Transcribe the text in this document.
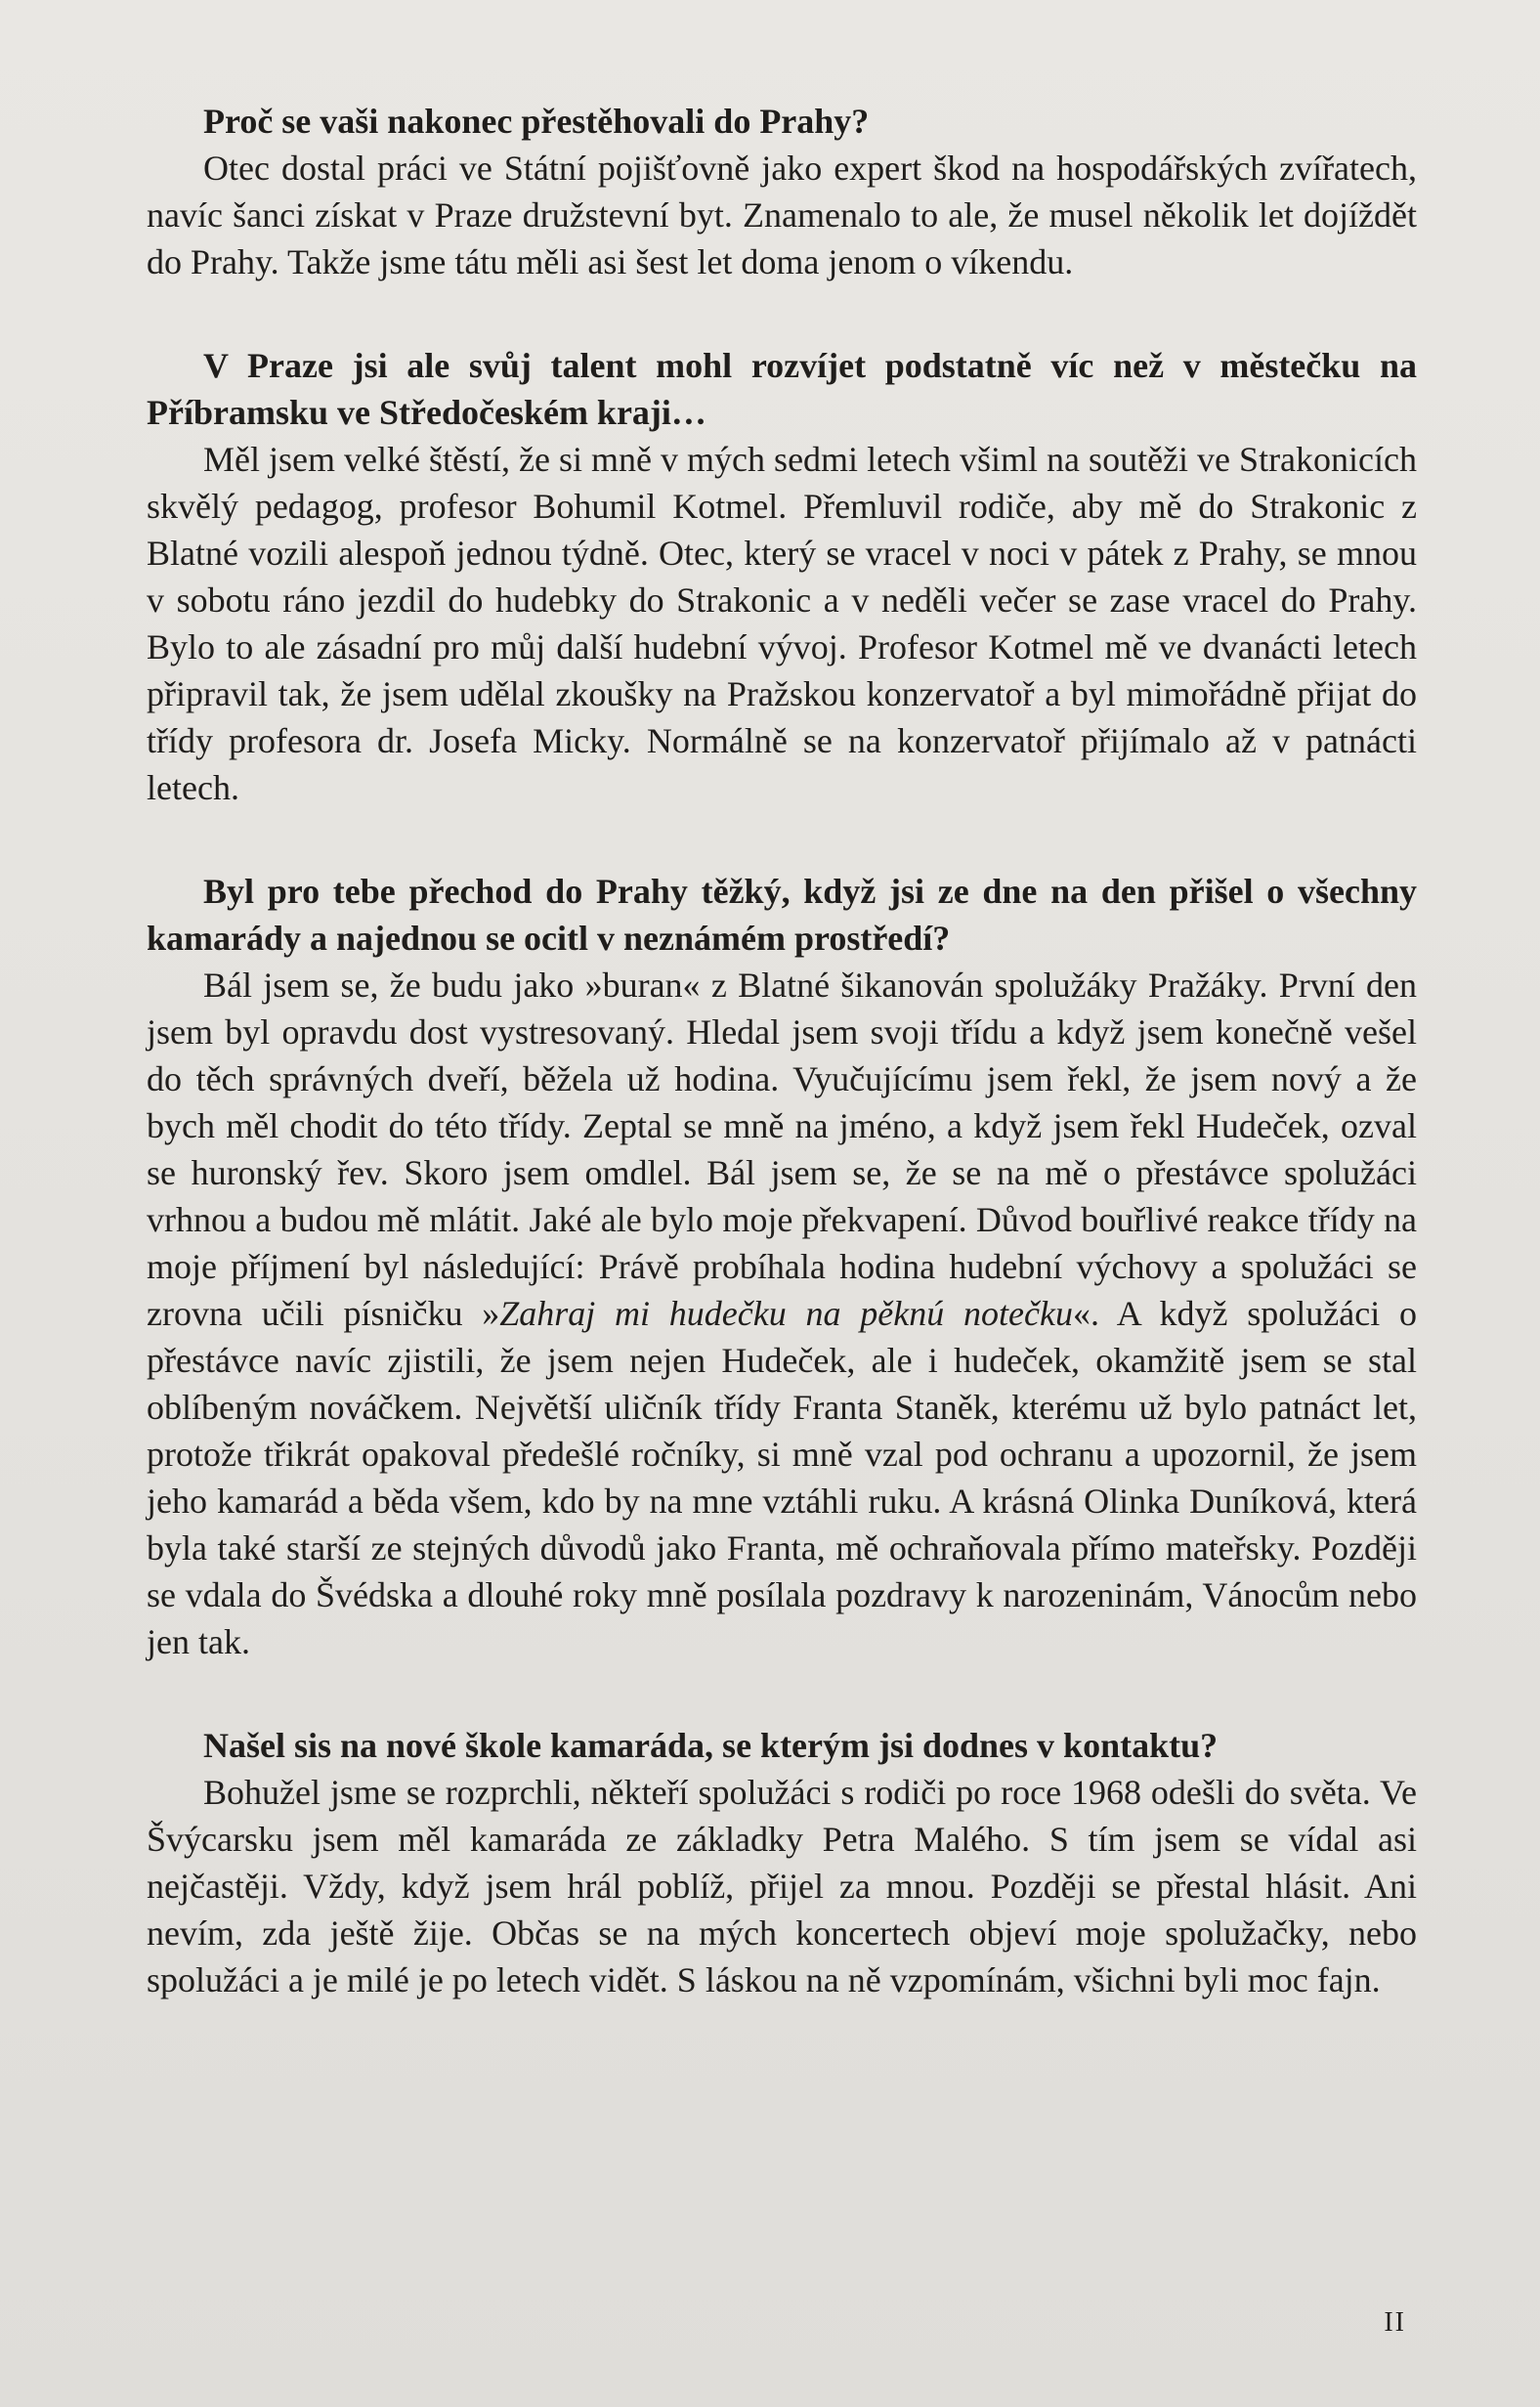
Proč se vaši nakonec přestěhovali do Prahy?

Otec dostal práci ve Státní pojišťovně jako expert škod na hospodářských zvířatech, navíc šanci získat v Praze družstevní byt. Znamenalo to ale, že musel několik let dojíždět do Prahy. Takže jsme tátu měli asi šest let doma jenom o víkendu.

V Praze jsi ale svůj talent mohl rozvíjet podstatně víc než v městečku na Příbramsku ve Středočeském kraji…

Měl jsem velké štěstí, že si mně v mých sedmi letech všiml na soutěži ve Strakonicích skvělý pedagog, profesor Bohumil Kotmel. Přemluvil rodiče, aby mě do Strakonic z Blatné vozili alespoň jednou týdně. Otec, který se vracel v noci v pátek z Prahy, se mnou v sobotu ráno jezdil do hudebky do Strakonic a v neděli večer se zase vracel do Prahy. Bylo to ale zásadní pro můj další hudební vývoj. Profesor Kotmel mě ve dvanácti letech připravil tak, že jsem udělal zkoušky na Pražskou konzervatoř a byl mimořádně přijat do třídy profesora dr. Josefa Micky. Normálně se na konzervatoř přijímalo až v patnácti letech.

Byl pro tebe přechod do Prahy těžký, když jsi ze dne na den přišel o všechny kamarády a najednou se ocitl v neznámém prostředí?

Bál jsem se, že budu jako »buran« z Blatné šikanován spolužáky Pražáky. První den jsem byl opravdu dost vystresovaný. Hledal jsem svoji třídu a když jsem konečně vešel do těch správných dveří, běžela už hodina. Vyučujícímu jsem řekl, že jsem nový a že bych měl chodit do této třídy. Zeptal se mně na jméno, a když jsem řekl Hudeček, ozval se huronský řev. Skoro jsem omdlel. Bál jsem se, že se na mě o přestávce spolužáci vrhnou a budou mě mlátit. Jaké ale bylo moje překvapení. Důvod bouřlivé reakce třídy na moje příjmení byl následující: Právě probíhala hodina hudební výchovy a spolužáci se zrovna učili písničku »Zahraj mi hudečku na pěknú notečku«. A když spolužáci o přestávce navíc zjistili, že jsem nejen Hudeček, ale i hudeček, okamžitě jsem se stal oblíbeným nováčkem. Největší uličník třídy Franta Staněk, kterému už bylo patnáct let, protože třikrát opakoval předešlé ročníky, si mně vzal pod ochranu a upozornil, že jsem jeho kamarád a běda všem, kdo by na mne vztáhli ruku. A krásná Olinka Duníková, která byla také starší ze stejných důvodů jako Franta, mě ochraňovala přímo mateřsky. Později se vdala do Švédska a dlouhé roky mně posílala pozdravy k narozeninám, Vánocům nebo jen tak.

Našel sis na nové škole kamaráda, se kterým jsi dodnes v kontaktu?

Bohužel jsme se rozprchli, někteří spolužáci s rodiči po roce 1968 odešli do světa. Ve Švýcarsku jsem měl kamaráda ze základky Petra Malého. S tím jsem se vídal asi nejčastěji. Vždy, když jsem hrál poblíž, přijel za mnou. Později se přestal hlásit. Ani nevím, zda ještě žije. Občas se na mých koncertech objeví moje spolužačky, nebo spolužáci a je milé je po letech vidět. S láskou na ně vzpomínám, všichni byli moc fajn.

II
